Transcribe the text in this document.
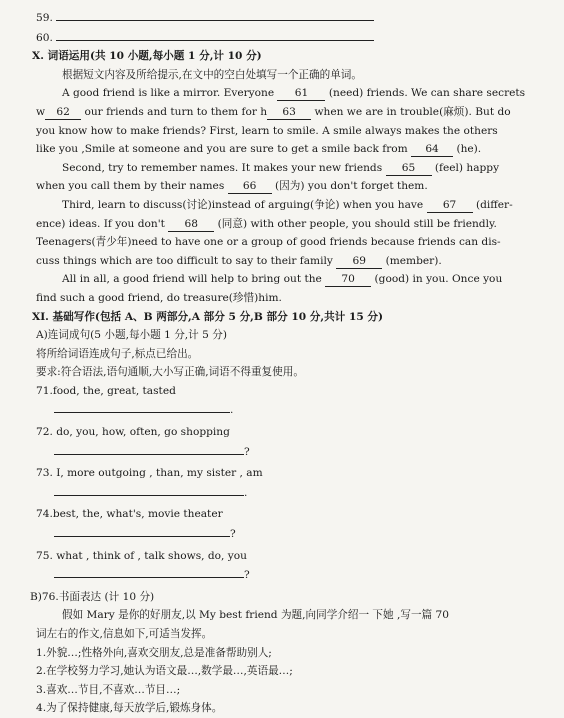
59.
60.
X. 词语运用(共 10 小题,每小题 1 分,计 10 分)
根据短文内容及所给提示,在文中的空白处填写一个正确的单词。
A good friend is like a mirror. Everyone 61 (need) friends. We can share secrets
w 62 our friends and turn to them for h 63 when we are in trouble(麻烦). But do
you know how to make friends? First, learn to smile. A smile always makes the others
like you ,Smile at someone and you are sure to get a smile back from 64 (he).
Second, try to remember names. It makes your new friends 65 (feel) happy
when you call them by their names 66 (因为) you don't forget them.
Third, learn to discuss(讨论)instead of arguing(争论) when you have 67 (differ-
ence) ideas. If you don't 68 (同意) with other people, you should still be friendly.
Teenagers(青少年)need to have one or a group of good friends because friends can dis-
cuss things which are too difficult to say to their family 69 (member).
All in all, a good friend will help to bring out the 70 (good) in you. Once you
find such a good friend, do treasure(珍惜)him.
XI. 基础写作(包括 A、B 两部分,A 部分 5 分,B 部分 10 分,共计 15 分)
A)连词成句(5 小题,每小题 1 分,计 5 分)
将所给词语连成句子,标点已给出。
要求:符合语法,语句通顺,大小写正确,词语不得重复使用。
71.food, the, great, tasted
.
72. do, you, how, often, go shopping
?
73. I, more outgoing , than, my sister , am
.
74.best, the, what's, movie theater
?
75. what , think of , talk shows, do, you
?
B)76.书面表达 (计 10 分)
假如 Mary 是你的好朋友,以 My best friend 为题,向同学介绍一 下她 ,写一篇 70
词左右的作文,信息如下,可适当发挥。
1.外貌…;性格外向,喜欢交朋友,总是准备帮助别人;
2.在学校努力学习,她认为语文最…,数学最…,英语最…;
3.喜欢…节目,不喜欢…节目…;
4.为了保持健康,每天放学后,锻炼身体。
